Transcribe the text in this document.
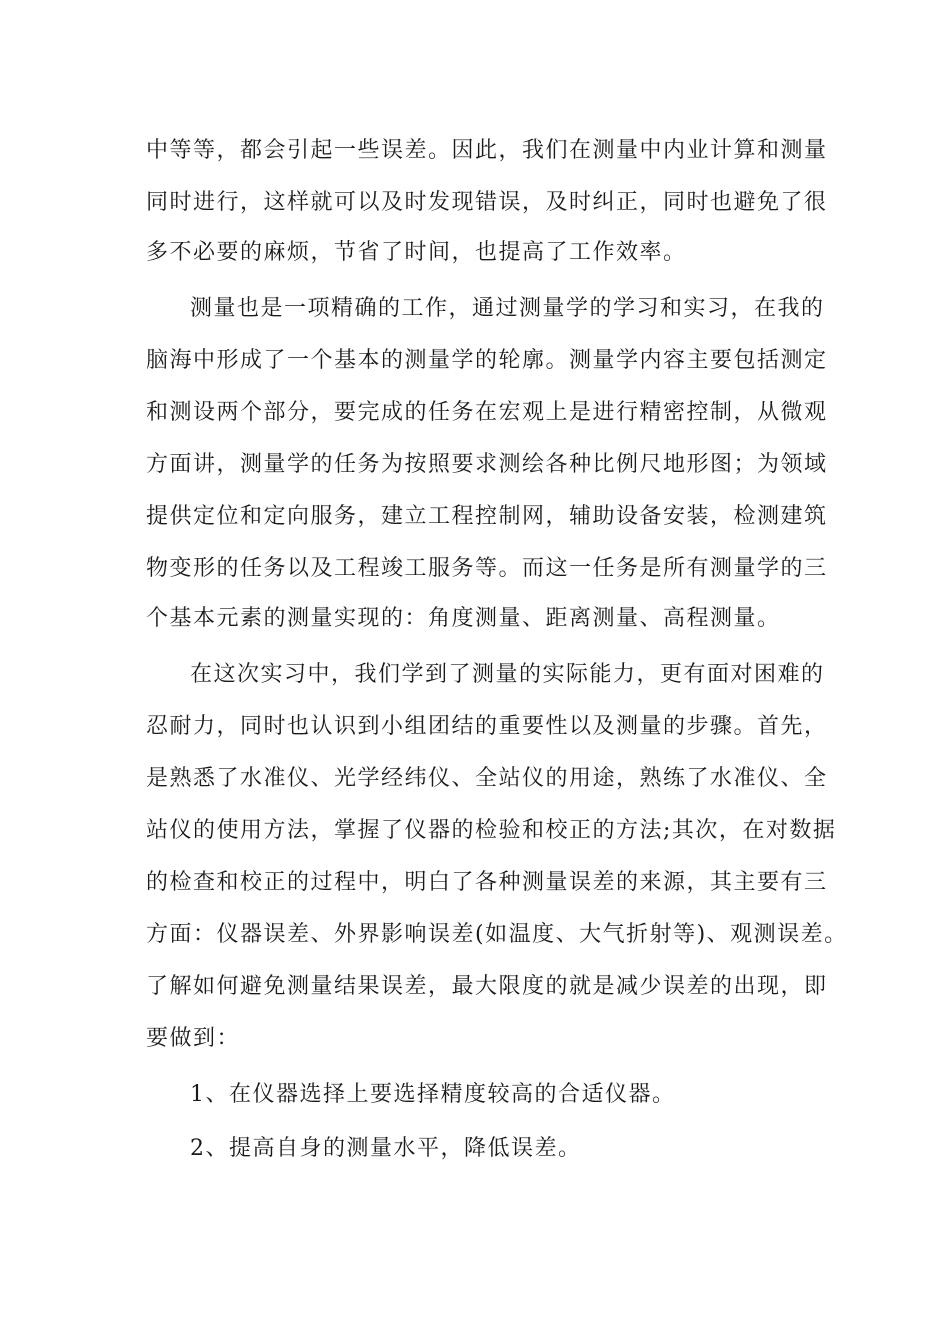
中等等，都会引起一些误差。因此，我们在测量中内业计算和测量
同时进行，这样就可以及时发现错误，及时纠正，同时也避免了很
多不必要的麻烦，节省了时间，也提高了工作效率。
测量也是一项精确的工作，通过测量学的学习和实习，在我的
脑海中形成了一个基本的测量学的轮廓。测量学内容主要包括测定
和测设两个部分，要完成的任务在宏观上是进行精密控制，从微观
方面讲，测量学的任务为按照要求测绘各种比例尺地形图；为领域
提供定位和定向服务，建立工程控制网，辅助设备安装，检测建筑
物变形的任务以及工程竣工服务等。而这一任务是所有测量学的三
个基本元素的测量实现的：角度测量、距离测量、高程测量。
在这次实习中，我们学到了测量的实际能力，更有面对困难的
忍耐力，同时也认识到小组团结的重要性以及测量的步骤。首先，
是熟悉了水准仪、光学经纬仪、全站仪的用途，熟练了水准仪、全
站仪的使用方法，掌握了仪器的检验和校正的方法;其次，在对数据
的检查和校正的过程中，明白了各种测量误差的来源，其主要有三
方面：仪器误差、外界影响误差(如温度、大气折射等)、观测误差。
了解如何避免测量结果误差，最大限度的就是减少误差的出现，即
要做到：
1、在仪器选择上要选择精度较高的合适仪器。
2、提高自身的测量水平，降低误差。
